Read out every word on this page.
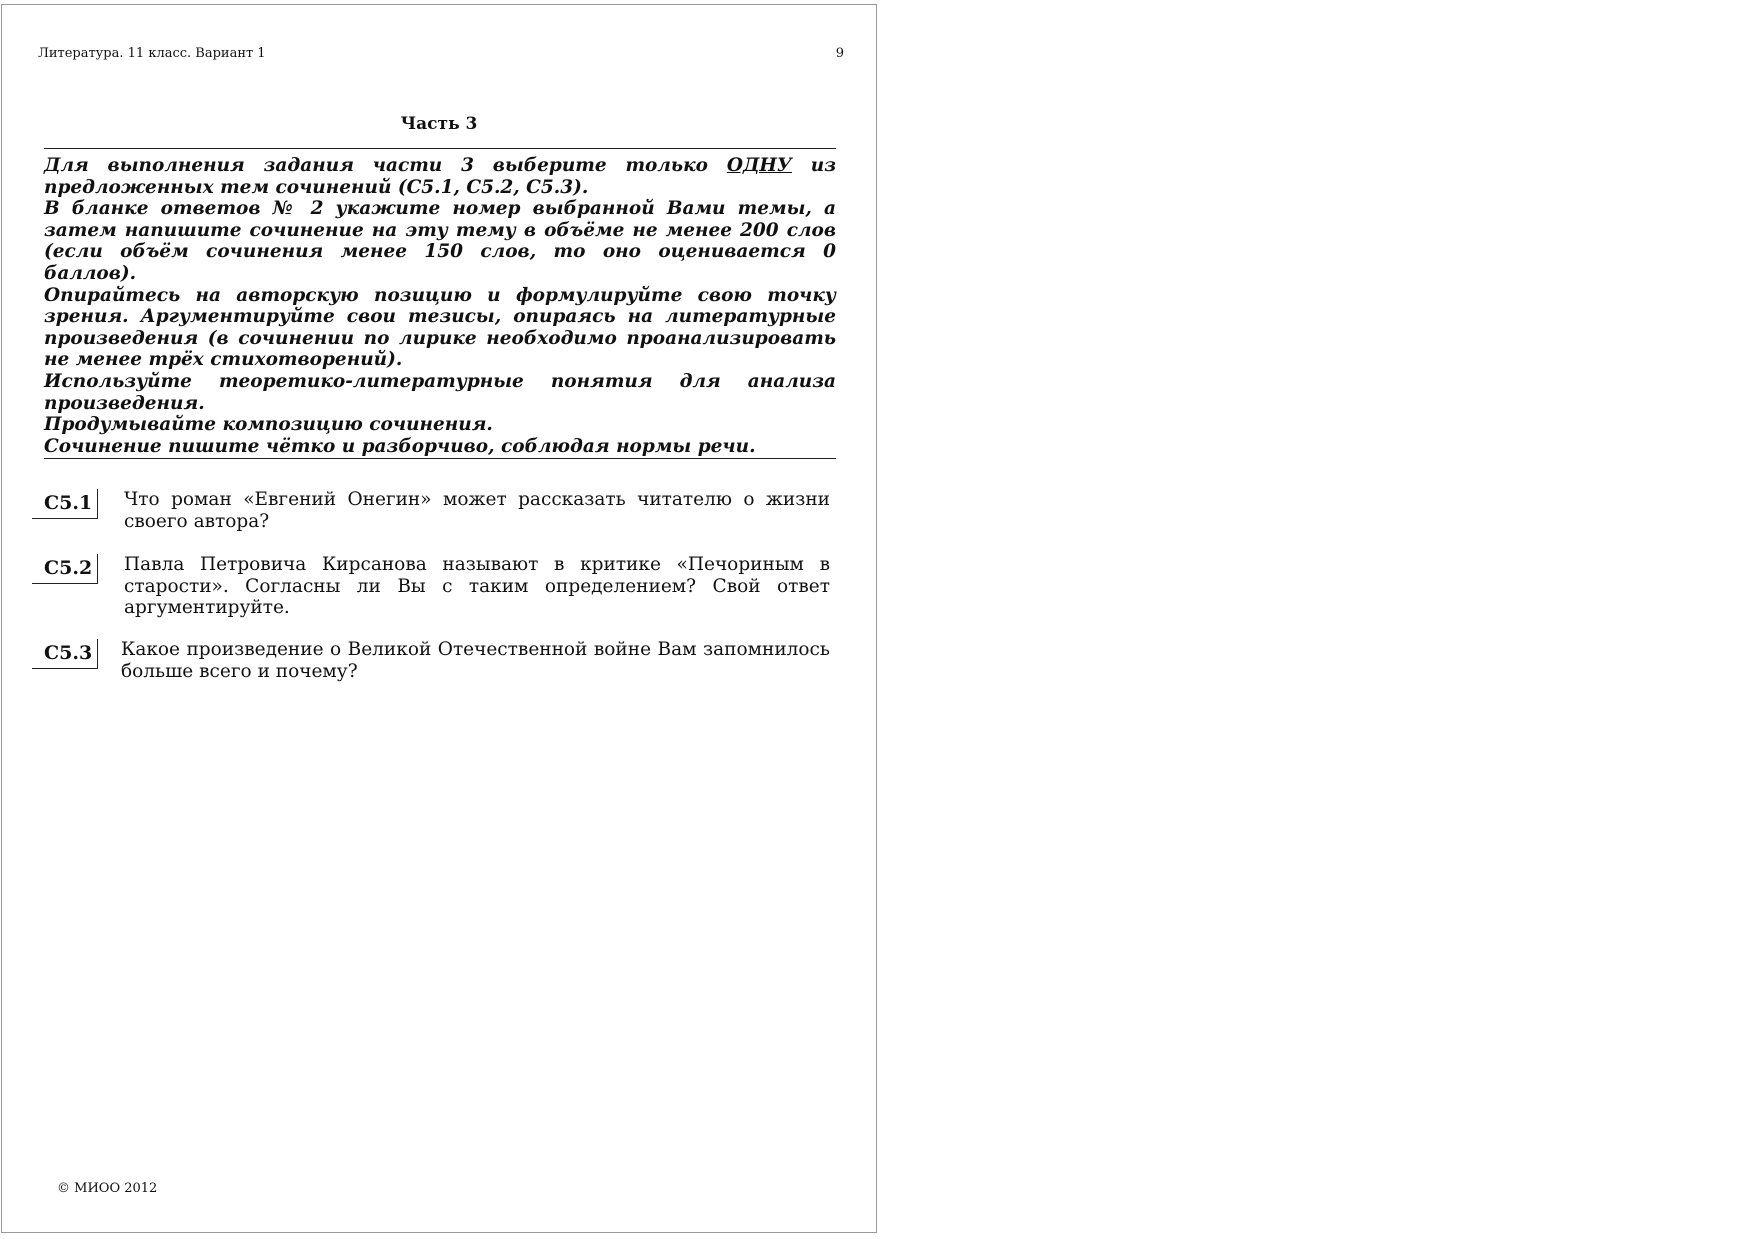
Литература. 11 класс. Вариант 1	9
Часть 3

Для выполнения задания части 3 выберите только ОДНУ из предложенных тем сочинений (С5.1, С5.2, С5.3).

В бланке ответов № 2 укажите номер выбранной Вами темы, а затем напишите сочинение на эту тему в объёме не менее 200 слов (если объём сочинения менее 150 слов, то оно оценивается 0 баллов).

Опирайтесь на авторскую позицию и формулируйте свою точку зрения. Аргументируйте свои тезисы, опираясь на литературные произведения (в сочинении по лирике необходимо проанализировать не менее трёх стихотворений).

Используйте теоретико-литературные понятия для анализа произведения.

Продумывайте композицию сочинения.

Сочинение пишите чётко и разборчиво, соблюдая нормы речи.

С5.1	Что роман «Евгений Онегин» может рассказать читателю о жизни своего автора?
С5.2	Павла Петровича Кирсанова называют в критике «Печориным в старости». Согласны ли Вы с таким определением? Свой ответ аргументируйте.
С5.3	Какое произведение о Великой Отечественной войне Вам запомнилось больше всего и почему?
© МИОО 2012
